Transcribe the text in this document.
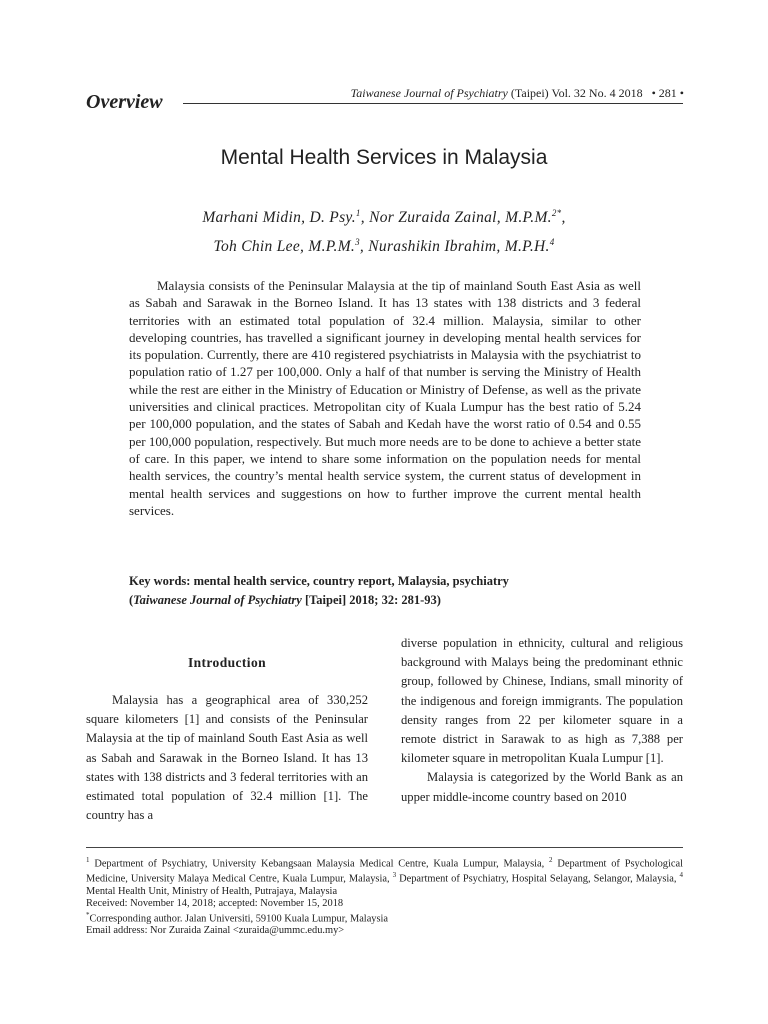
Overview	Taiwanese Journal of Psychiatry (Taipei) Vol. 32 No. 4 2018 • 281 •
Mental Health Services in Malaysia
Marhani Midin, D. Psy.$^1$, Nor Zuraida Zainal, M.P.M.$^{2*}$,
Toh Chin Lee, M.P.M.$^3$, Nurashikin Ibrahim, M.P.H.$^4$

Malaysia consists of the Peninsular Malaysia at the tip of mainland South East Asia as well as Sabah and Sarawak in the Borneo Island. It has 13 states with 138 districts and 3 federal territories with an estimated total population of 32.4 million. Malaysia, similar to other developing countries, has travelled a significant journey in developing mental health services for its population. Currently, there are 410 registered psychiatrists in Malaysia with the psychiatrist to population ratio of 1.27 per 100,000. Only a half of that number is serving the Ministry of Health while the rest are either in the Ministry of Education or Ministry of Defense, as well as the private universities and clinical practices. Metropolitan city of Kuala Lumpur has the best ratio of 5.24 per 100,000 population, and the states of Sabah and Kedah have the worst ratio of 0.54 and 0.55 per 100,000 population, respectively. But much more needs are to be done to achieve a better state of care. In this paper, we intend to share some information on the population needs for mental health services, the country’s mental health service system, the current status of development in mental health services and suggestions on how to further improve the current mental health services.

Key words: mental health service, country report, Malaysia, psychiatry
(Taiwanese Journal of Psychiatry [Taipei] 2018; 32: 281-93)
Introduction

Malaysia has a geographical area of 330,252 square kilometers [1] and consists of the Peninsular Malaysia at the tip of mainland South East Asia as well as Sabah and Sarawak in the Borneo Island. It has 13 states with 138 districts and 3 federal territories with an estimated total population of 32.4 million [1]. The country has a

diverse population in ethnicity, cultural and religious background with Malays being the predominant ethnic group, followed by Chinese, Indians, small minority of the indigenous and foreign immigrants. The population density ranges from 22 per kilometer square in a remote district in Sarawak to as high as 7,388 per kilometer square in metropolitan Kuala Lumpur [1].

Malaysia is categorized by the World Bank as an upper middle-income country based on 2010

$^1$ Department of Psychiatry, University Kebangsaan Malaysia Medical Centre, Kuala Lumpur, Malaysia, $^2$ Department of Psychological Medicine, University Malaya Medical Centre, Kuala Lumpur, Malaysia, $^3$ Department of Psychiatry, Hospital Selayang, Selangor, Malaysia, $^4$ Mental Health Unit, Ministry of Health, Putrajaya, Malaysia
Received: November 14, 2018; accepted: November 15, 2018
*Corresponding author. Jalan Universiti, 59100 Kuala Lumpur, Malaysia
Email address: Nor Zuraida Zainal <zuraida@ummc.edu.my>
